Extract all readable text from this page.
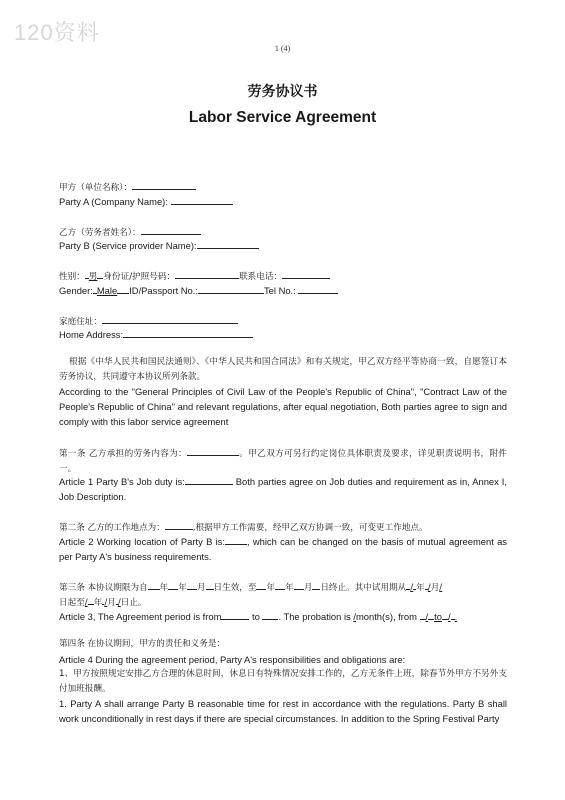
120资料
1 (4)
劳务协议书
Labor Service Agreement
甲方（单位名称）：
Party A (Company Name):
乙方（劳务者姓名）：
Party B (Service provider Name):
性别： 男 身份证/护照号码：	联系电话：
Gender: Male ID/Passport No.:	Tel No.:
家庭住址：
Home Address:
根据《中华人民共和国民法通则》、《中华人民共和国合同法》和有关规定，甲乙双方经平等协商一致，自愿签订本劳务协议，共同遵守本协议所列条款。
According to the "General Principles of Civil Law of the People's Republic of China", "Contract Law of the People's Republic of China" and relevant regulations, after equal negotiation, Both parties agree to sign and comply with this labor service agreement
第一条 乙方承担的劳务内容为：	。甲乙双方可另行约定岗位具体职责及要求，详见职责说明书，附件一。
Article 1 Party B's Job duty is:	Both parties agree on Job duties and requirement as in, Annex I, Job Description.
第二条 乙方的工作地点为：	,根据甲方工作需要，经甲乙双方协调一致，可变更工作地点。
Article 2 Working location of Party B is: , which can be changed on the basis of mutual agreement as per Party A's business requirements.
第三条 本协议期限为自 年 年 月 日生效，至 年 年 月 日终止。其中试用期从 / 年 /月/
日起至/ 年 /月 /日止。
Article 3, The Agreement period is from	to . The probation is /month(s), from / to / .
第四条 在协议期间，甲方的责任和义务是：
Article 4 During the agreement period, Party A's responsibilities and obligations are:
1、甲方按照规定安排乙方合理的休息时间，休息日有特殊情况安排工作的，乙方无条件上班，除春节外甲方不另外支付加班报酬。
1. Party A shall arrange Party B reasonable time for rest in accordance with the regulations. Party B shall work unconditionally in rest days if there are special circumstances. In addition to the Spring Festival Party
